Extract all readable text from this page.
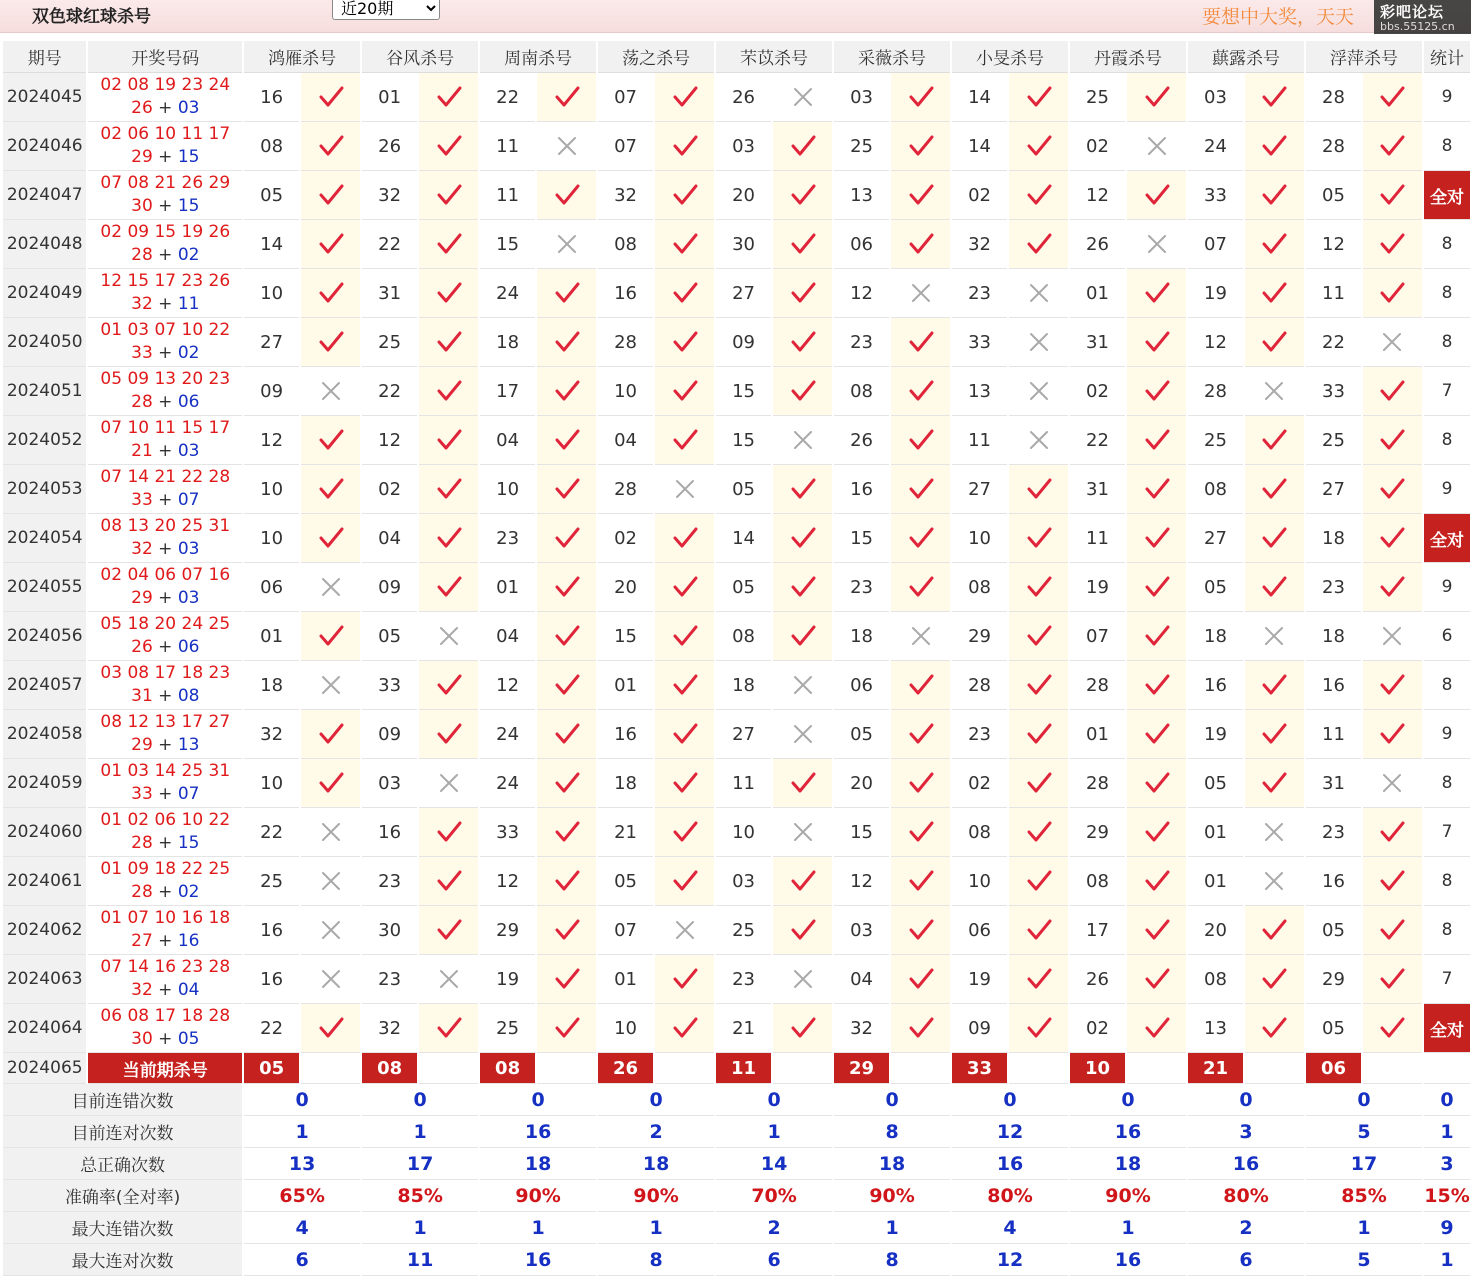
双色球红球杀号
近20期	要想中大奖，天天	彩吧论坛
bbs.55125.cn
期号	开奖号码	鸿雁杀号		谷风杀号		周南杀号		荡之杀号		芣苡杀号		采薇杀号		小旻杀号		丹霞杀号		蕻露杀号		浮萍杀号		统计
2024045	02 08 19 23 24
26 + 03	16		01		22		07		26		03		14		25		03		28		9
2024046	02 06 10 11 17
29 + 15	08		26		11		07		03		25		14		02		24		28		8
2024047	07 08 21 26 29
30 + 15	05		32		11		32		20		13		02		12		33		05		全对
2024048	02 09 15 19 26
28 + 02	14		22		15		08		30		06		32		26		07		12		8
2024049	12 15 17 23 26
32 + 11	10		31		24		16		27		12		23		01		19		11		8
2024050	01 03 07 10 22
33 + 02	27		25		18		28		09		23		33		31		12		22		8
2024051	05 09 13 20 23
28 + 06	09		22		17		10		15		08		13		02		28		33		7
2024052	07 10 11 15 17
21 + 03	12		12		04		04		15		26		11		22		25		25		8
2024053	07 14 21 22 28
33 + 07	10		02		10		28		05		16		27		31		08		27		9
2024054	08 13 20 25 31
32 + 03	10		04		23		02		14		15		10		11		27		18		全对
2024055	02 04 06 07 16
29 + 03	06		09		01		20		05		23		08		19		05		23		9
2024056	05 18 20 24 25
26 + 06	01		05		04		15		08		18		29		07		18		18		6
2024057	03 08 17 18 23
31 + 08	18		33		12		01		18		06		28		28		16		16		8
2024058	08 12 13 17 27
29 + 13	32		09		24		16		27		05		23		01		19		11		9
2024059	01 03 14 25 31
33 + 07	10		03		24		18		11		20		02		28		05		31		8
2024060	01 02 06 10 22
28 + 15	22		16		33		21		10		15		08		29		01		23		7
2024061	01 09 18 22 25
28 + 02	25		23		12		05		03		12		10		08		01		16		8
2024062	01 07 10 16 18
27 + 16	16		30		29		07		25		03		06		17		20		05		8
2024063	07 14 16 23 28
32 + 04	16		23		19		01		23		04		19		26		08		29		7
2024064	06 08 17 18 28
30 + 05	22		32		25		10		21		32		09		02		13		05		全对
2024065	当前期杀号	05		08		08		26		11		29		33		10		21		06		
目前连错次数		0		0		0		0		0		0		0		0		0		0		0
目前连对次数		1		1		16		2		1		8		12		16		3		5		1
总正确次数		13		17		18		18		14		18		16		18		16		17		3
准确率(全对率)		65%		85%		90%		90%		70%		90%		80%		90%		80%		85%		15%
最大连错次数		4		1		1		1		2		1		4		1		2		1		9
最大连对次数		6		11		16		8		6		8		12		16		6		5		1
